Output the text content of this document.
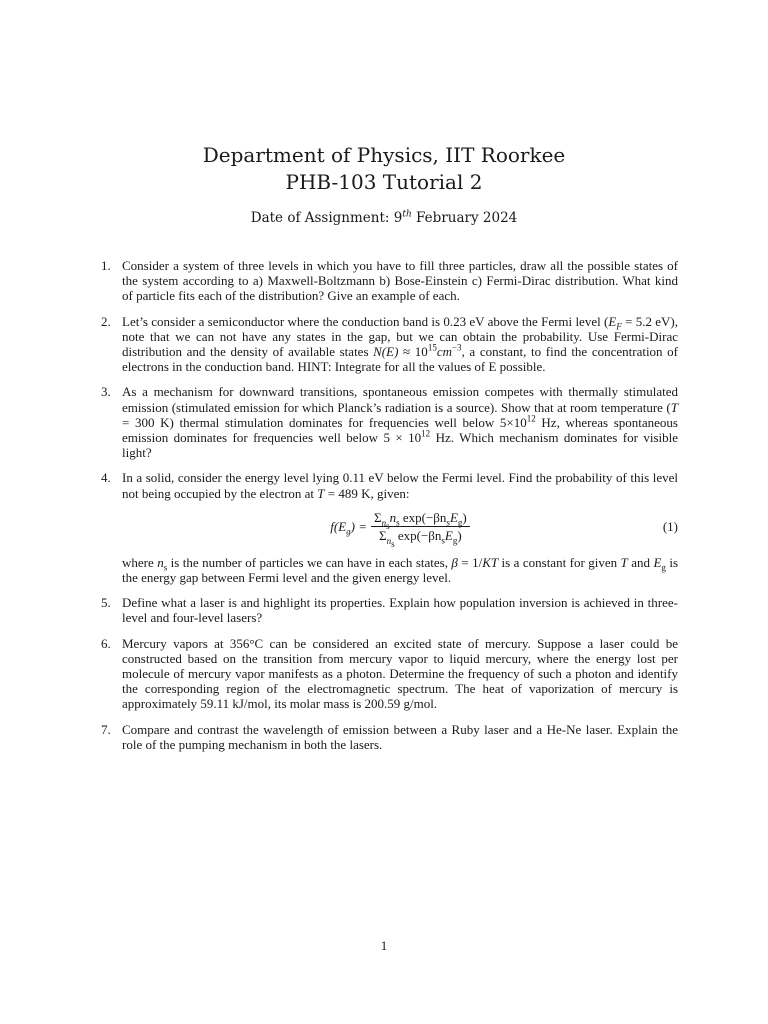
Department of Physics, IIT Roorkee
PHB-103 Tutorial 2
Date of Assignment: 9th February 2024
1. Consider a system of three levels in which you have to fill three particles, draw all the possible states of the system according to a) Maxwell-Boltzmann b) Bose-Einstein c) Fermi-Dirac distribution. What kind of particle fits each of the distribution? Give an example of each.
2. Let’s consider a semiconductor where the conduction band is 0.23 eV above the Fermi level ($E_F = 5.2$ eV), note that we can not have any states in the gap, but we can obtain the probability. Use Fermi-Dirac distribution and the density of available states $N(E) \approx 10^{15}cm^{-3}$, a constant, to find the concentration of electrons in the conduction band. HINT: Integrate for all the values of E possible.
3. As a mechanism for downward transitions, spontaneous emission competes with thermally stimulated emission (stimulated emission for which Planck’s radiation is a source). Show that at room temperature (T = 300 K) thermal stimulation dominates for frequencies well below $5\times 10^{12}$ Hz, whereas spontaneous emission dominates for frequencies well below $5 \times 10^{12}$ Hz. Which mechanism dominates for visible light?
4. In a solid, consider the energy level lying 0.11 eV below the Fermi level. Find the probability of this level not being occupied by the electron at T = 489 K, given:
$f(E_g) = \frac{\Sigma_{n_s}n_s \exp(-\beta n_sE_g)}{\Sigma_{n_s} \exp(-\beta n_sE_g)}$	(1)
where $n_s$ is the number of particles we can have in each states, β = 1/KT is a constant for given T and $E_g$ is the energy gap between Fermi level and the given energy level.
5. Define what a laser is and highlight its properties. Explain how population inversion is achieved in three-level and four-level lasers?
6. Mercury vapors at 356°C can be considered an excited state of mercury. Suppose a laser could be constructed based on the transition from mercury vapor to liquid mercury, where the energy lost per molecule of mercury vapor manifests as a photon. Determine the frequency of such a photon and identify the corresponding region of the electromagnetic spectrum. The heat of vaporization of mercury is approximately 59.11 kJ/mol, its molar mass is 200.59 g/mol.
7. Compare and contrast the wavelength of emission between a Ruby laser and a He-Ne laser. Explain the role of the pumping mechanism in both the lasers.
1
